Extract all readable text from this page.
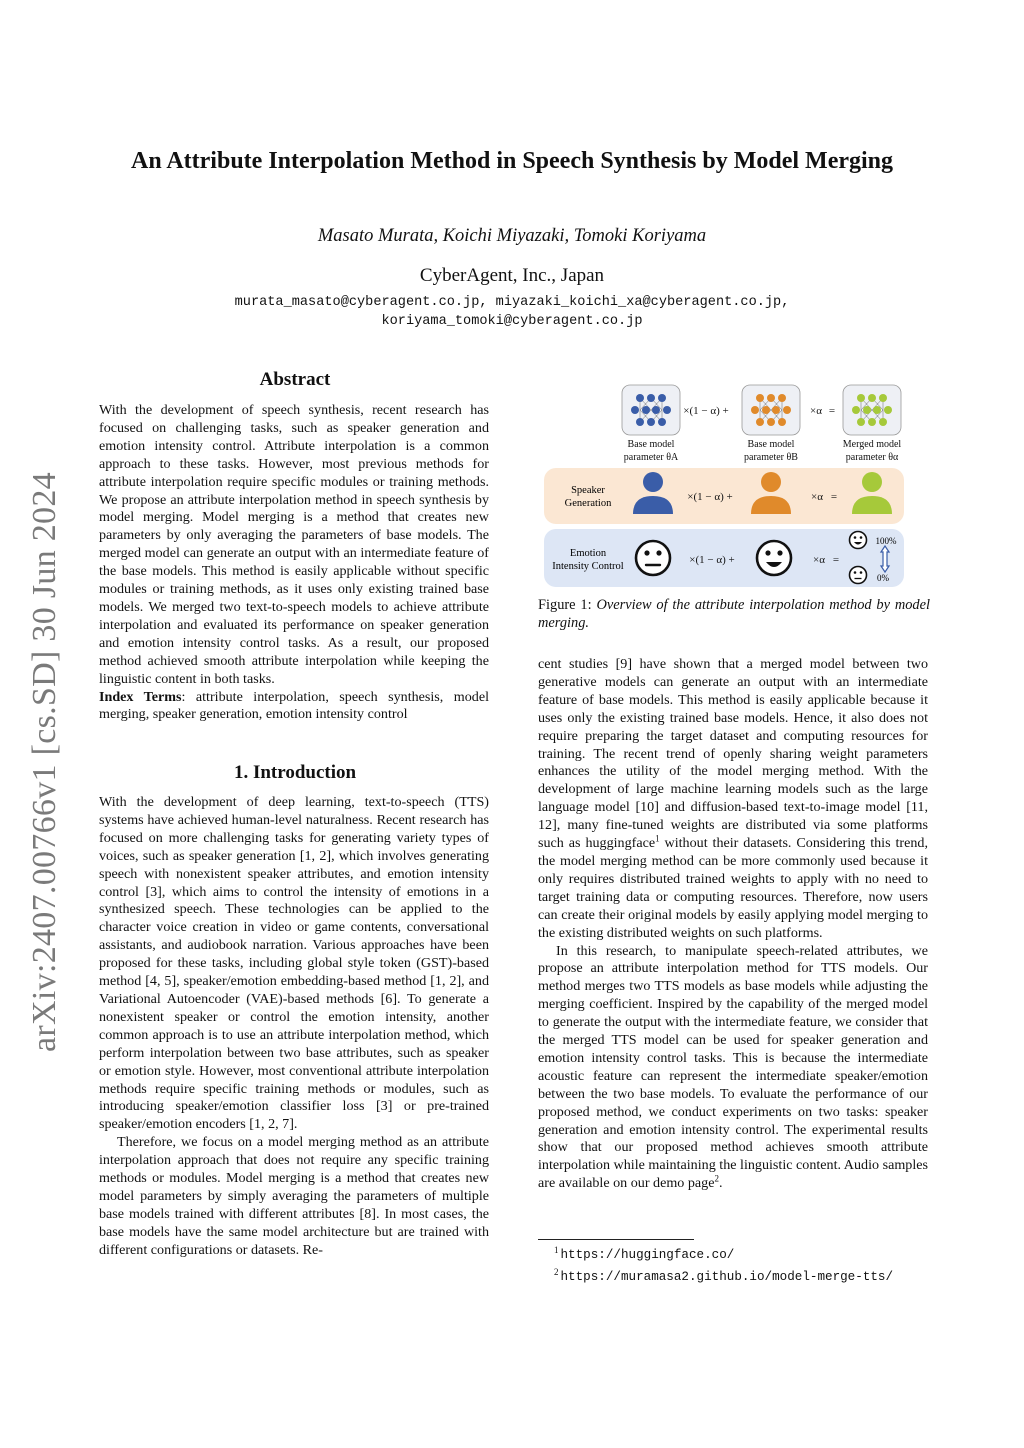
arXiv:2407.00766v1 [cs.SD] 30 Jun 2024
An Attribute Interpolation Method in Speech Synthesis by Model Merging
Masato Murata, Koichi Miyazaki, Tomoki Koriyama
CyberAgent, Inc., Japan
murata_masato@cyberagent.co.jp, miyazaki_koichi_xa@cyberagent.co.jp,
koriyama_tomoki@cyberagent.co.jp
Abstract

With the development of speech synthesis, recent research has focused on challenging tasks, such as speaker generation and emotion intensity control. Attribute interpolation is a common approach to these tasks. However, most previous methods for attribute interpolation require specific modules or training methods. We propose an attribute interpolation method in speech synthesis by model merging. Model merging is a method that creates new parameters by only averaging the parameters of base models. The merged model can generate an output with an intermediate feature of the base models. This method is easily applicable without specific modules or training methods, as it uses only existing trained base models. We merged two text-to-speech models to achieve attribute interpolation and evaluated its performance on speaker generation and emotion intensity control tasks. As a result, our proposed method achieved smooth attribute interpolation while keeping the linguistic content in both tasks.

Index Terms: attribute interpolation, speech synthesis, model merging, speaker generation, emotion intensity control

1. Introduction

With the development of deep learning, text-to-speech (TTS) systems have achieved human-level naturalness. Recent research has focused on more challenging tasks for generating variety types of voices, such as speaker generation [1, 2], which involves generating speech with nonexistent speaker attributes, and emotion intensity control [3], which aims to control the intensity of emotions in a synthesized speech. These technologies can be applied to the character voice creation in video or game contents, conversational assistants, and audiobook narration. Various approaches have been proposed for these tasks, including global style token (GST)-based method [4, 5], speaker/emotion embedding-based method [1, 2], and Variational Autoencoder (VAE)-based methods [6]. To generate a nonexistent speaker or control the emotion intensity, another common approach is to use an attribute interpolation method, which perform interpolation between two base attributes, such as speaker or emotion style. However, most conventional attribute interpolation methods require specific training methods or modules, such as introducing speaker/emotion classifier loss [3] or pre-trained speaker/emotion encoders [1, 2, 7].

Therefore, we focus on a model merging method as an attribute interpolation approach that does not require any specific training methods or modules. Model merging is a method that creates new model parameters by simply averaging the parameters of multiple base models trained with different attributes [8]. In most cases, the base models have the same model architecture but are trained with different configurations or datasets. Re-

×(1 − α) +	×α =
Base model
parameter θA
Base model
parameter θB
Merged model
parameter θα
Speaker
Generation
×(1 − α) +	×α =
Emotion
Intensity Control
×(1 − α) +	×α =
100%
0%
Figure 1: Overview of the attribute interpolation method by model merging.

cent studies [9] have shown that a merged model between two generative models can generate an output with an intermediate feature of base models. This method is easily applicable because it uses only the existing trained base models. Hence, it also does not require preparing the target dataset and computing resources for training. The recent trend of openly sharing weight parameters enhances the utility of the model merging method. With the development of large machine learning models such as the large language model [10] and diffusion-based text-to-image model [11, 12], many fine-tuned weights are distributed via some platforms such as huggingface$^1$ without their datasets. Considering this trend, the model merging method can be more commonly used because it only requires distributed trained weights to apply with no need to target training data or computing resources. Therefore, now users can create their original models by easily applying model merging to the existing distributed weights on such platforms.

In this research, to manipulate speech-related attributes, we propose an attribute interpolation method for TTS models. Our method merges two TTS models as base models while adjusting the merging coefficient. Inspired by the capability of the merged model to generate the output with the intermediate feature, we consider that the merged TTS model can be used for speaker generation and emotion intensity control tasks. This is because the intermediate acoustic feature can represent the intermediate speaker/emotion between the two base models. To evaluate the performance of our proposed method, we conduct experiments on two tasks: speaker generation and emotion intensity control. The experimental results show that our proposed method achieves smooth attribute interpolation while maintaining the linguistic content. Audio samples are available on our demo page$^2$.

$^1$ https://huggingface.co/
$^2$ https://muramasa2.github.io/model-merge-tts/
